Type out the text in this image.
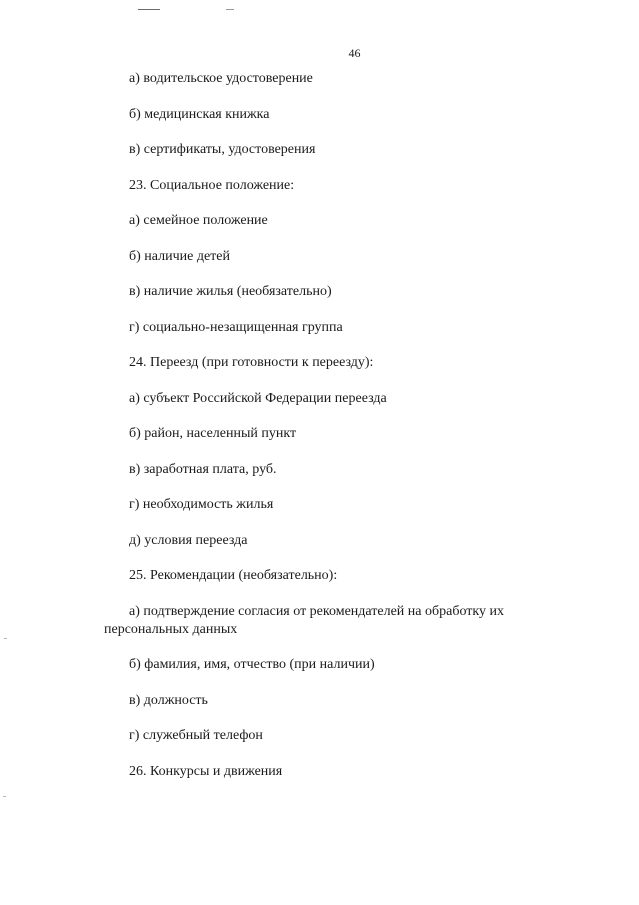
46
а) водительское удостоверение
б) медицинская книжка
в) сертификаты, удостоверения
23. Социальное положение:
а) семейное положение
б) наличие детей
в) наличие жилья (необязательно)
г) социально-незащищенная группа
24. Переезд (при готовности к переезду):
а) субъект Российской Федерации переезда
б) район, населенный пункт
в) заработная плата, руб.
г) необходимость жилья
д) условия переезда
25. Рекомендации (необязательно):
а) подтверждение согласия от рекомендателей на обработку их персональных данных
б) фамилия, имя, отчество (при наличии)
в) должность
г) служебный телефон
26. Конкурсы и движения
